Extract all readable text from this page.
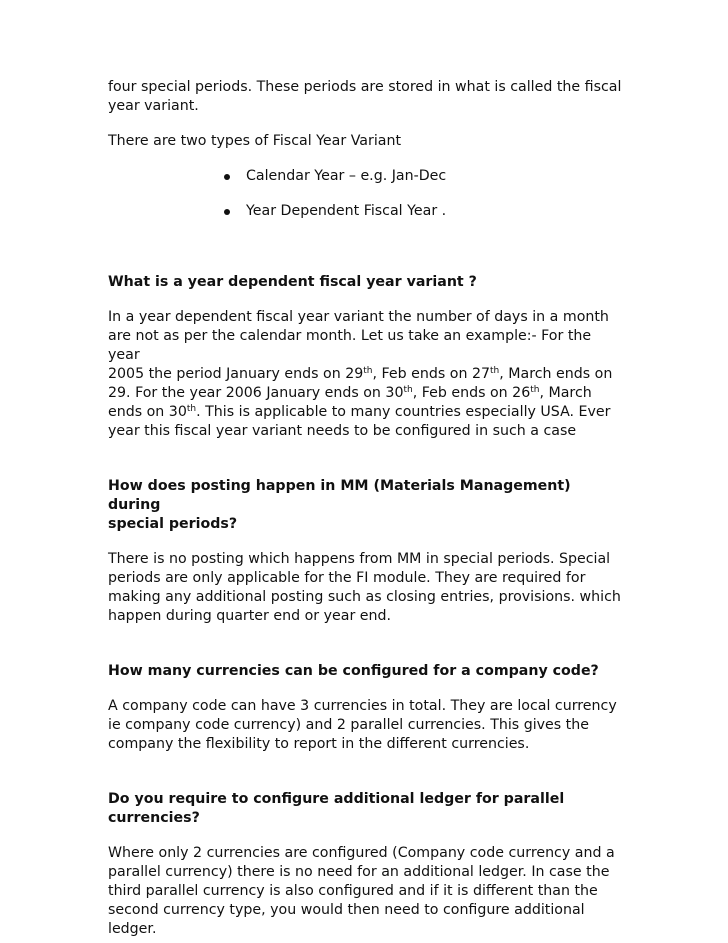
four special periods. These periods are stored in what is called the fiscal
year variant.

There are two types of Fiscal Year Variant

Calendar Year – e.g. Jan-Dec
Year Dependent Fiscal Year .

What is a year dependent fiscal year variant ?

In a year dependent fiscal year variant the number of days in a month
are not as per the calendar month. Let us take an example:- For the year
2005 the period January ends on 29th, Feb ends on 27th, March ends on
29. For the year 2006 January ends on 30th, Feb ends on 26th, March
ends on 30th. This is applicable to many countries especially USA. Ever
year this fiscal year variant needs to be configured in such a case

How does posting happen in MM (Materials Management) during
special periods?

There is no posting which happens from MM in special periods. Special
periods are only applicable for the FI module. They are required for
making any additional posting such as closing entries, provisions. which
happen during quarter end or year end.

How many currencies can be configured for a company code?

A company code can have 3 currencies in total. They are local currency
ie company code currency) and 2 parallel currencies. This gives the
company the flexibility to report in the different currencies.

Do you require to configure additional ledger for parallel currencies?

Where only 2 currencies are configured (Company code currency and a
parallel currency) there is no need for an additional ledger. In case the
third parallel currency is also configured and if it is different than the
second currency type, you would then need to configure additional
ledger.
